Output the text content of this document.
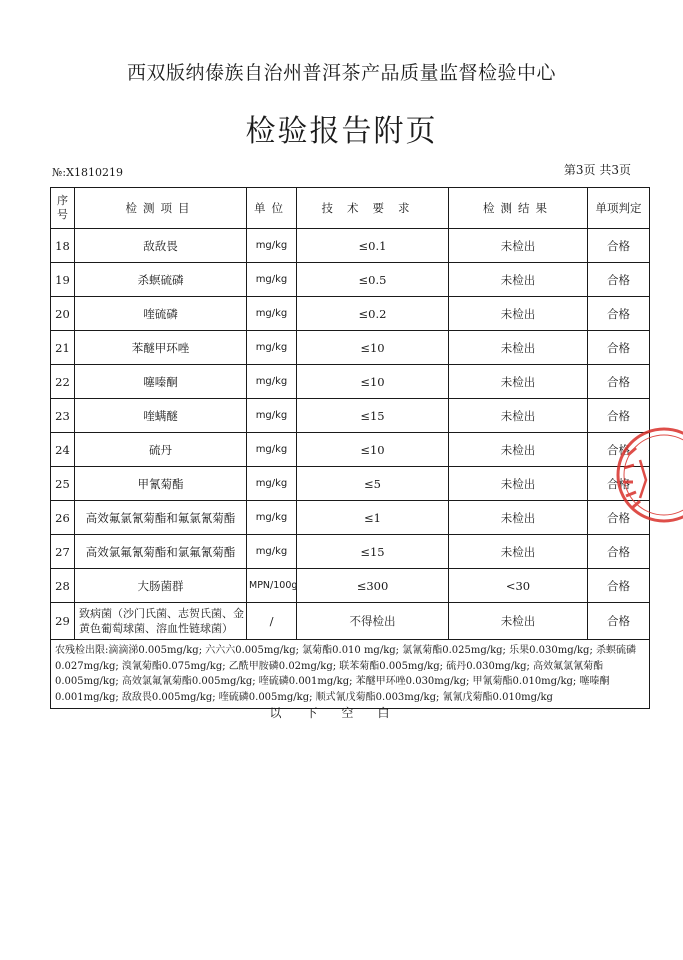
西双版纳傣族自治州普洱茶产品质量监督检验中心
检验报告附页
№:X1810219	第3页 共3页
序
号	检测项目	单位	技术要求	检测结果	单项判定
18	敌敌畏	mg/kg	≤0.1	未检出	合格
19	杀螟硫磷	mg/kg	≤0.5	未检出	合格
20	喹硫磷	mg/kg	≤0.2	未检出	合格
21	苯醚甲环唑	mg/kg	≤10	未检出	合格
22	噻嗪酮	mg/kg	≤10	未检出	合格
23	喹螨醚	mg/kg	≤15	未检出	合格
24	硫丹	mg/kg	≤10	未检出	合格
25	甲氰菊酯	mg/kg	≤5	未检出	合格
26	高效氟氯氰菊酯和氟氯氰菊酯	mg/kg	≤1	未检出	合格
27	高效氯氟氰菊酯和氯氟氰菊酯	mg/kg	≤15	未检出	合格
28	大肠菌群	MPN/100g	≤300	<30	合格
29	致病菌（沙门氏菌、志贺氏菌、金黄色葡萄球菌、溶血性链球菌）	/	不得检出	未检出	合格
农残检出限:滴滴涕0.005mg/kg; 六六六0.005mg/kg; 氯菊酯0.010 mg/kg; 氯氰菊酯0.025mg/kg; 乐果0.030mg/kg; 杀螟硫磷0.027mg/kg; 溴氰菊酯0.075mg/kg; 乙酰甲胺磷0.02mg/kg; 联苯菊酯0.005mg/kg; 硫丹0.030mg/kg; 高效氟氯氰菊酯0.005mg/kg; 高效氯氟氰菊酯0.005mg/kg; 喹硫磷0.001mg/kg; 苯醚甲环唑0.030mg/kg; 甲氰菊酯0.010mg/kg; 噻嗪酮0.001mg/kg; 敌敌畏0.005mg/kg; 喹硫磷0.005mg/kg; 顺式氰戊菊酯0.003mg/kg; 氰氰戊菊酯0.010mg/kg					
以下空白
